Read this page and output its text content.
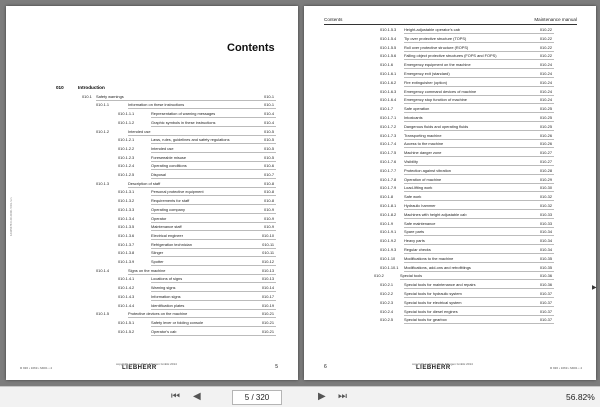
Contents
010	Introduction
010.1 Safety warnings	010-1
010.1.1	Information on these instructions	010-1
010.1.1.1	Representation of warning messages	010-4
010.1.1.2	Graphic symbols in these instructions	010-4
010.1.2	Intended use	010-5
010.1.2.1	Laws, rules, guidelines and safety regulations	010-5
010.1.2.2	Intended use	010-5
010.1.2.3	Foreseeable misuse	010-5
010.1.2.4	Operating conditions	010-6
010.1.2.5	Disposal	010-7
010.1.3	Description of staff	010-8
010.1.3.1	Personal protective equipment	010-8
010.1.3.2	Requirements for staff	010-8
010.1.3.3	Operating company	010-9
010.1.3.4	Operator	010-9
010.1.3.5	Maintenance staff	010-9
010.1.3.6	Electrical engineer	010-10
010.1.3.7	Refrigeration technician	010-11
010.1.3.8	Slinger	010-11
010.1.3.9	Spotter	010-12
010.1.4	Signs on the machine	010-13
010.1.4.1	Locations of signs	010-13
010.1.4.2	Warning signs	010-14
010.1.4.3	Information signs	010-17
010.1.4.4	Identification plates	010-19
010.1.5	Protective devices on the machine	010-21
010.1.5.1	Safety lever or folding console	010-21
010.1.5.2	Operator's cab	010-21
12345678 0-00-0000 / 001 / en
copyright Liebherr-Werk Ehingen GmbH 2014
R 936 • 1669 • M001 • 4	LIEBHERR	5
Contents	Maintenance manual
010.1.5.3 Height-adjustable operator's cab	010-22
010.1.5.4 Tip over protective structure (TOPS)	010-22
010.1.5.5 Roll over protective structure (ROPS)	010-22
010.1.5.6 Falling object protective structures (FOPS and FOPS)	010-22
010.1.6	Emergency equipment on the machine	010-24
010.1.6.1 Emergency exit (standard)	010-24
010.1.6.2 Fire extinguisher (option)	010-24
010.1.6.3 Emergency command devices of machine	010-24
010.1.6.4 Emergency stop function of machine	010-24
010.1.7	Safe operation	010-25
010.1.7.1 Intoxicants	010-25
010.1.7.2 Dangerous fluids and operating fluids	010-25
010.1.7.3 Transporting machine	010-26
010.1.7.4 Access to the machine	010-26
010.1.7.5 Machine danger zone	010-27
010.1.7.6 Visibility	010-27
010.1.7.7 Protection against vibration	010-28
010.1.7.8 Operation of machine	010-29
010.1.7.9 Load-lifting work	010-30
010.1.8	Safe work	010-32
010.1.8.1 Hydraulic hammer	010-32
010.1.8.2 Machines with height adjustable cab	010-33
010.1.9	Safe maintenance	010-33
010.1.9.1 Spare parts	010-34
010.1.9.2 Heavy parts	010-34
010.1.9.3 Regular checks	010-34
010.1.10 Modifications to the machine	010-35
010.1.10.1 Modifications, add-ons and retrofittings	010-35
010.2	Special tools	010-36
010.2.1	Special tools for maintenance and repairs	010-36
010.2.2	Special tools for hydraulic system	010-37
010.2.3	Special tools for electrical system	010-37
010.2.4	Special tools for diesel engines	010-37
010.2.5	Special tools for gearbox	010-37
6	copyright Liebherr-Werk Ehingen GmbH 2014
LIEBHERR	R 936 • 1669 • M001 • 4
▶
⏮ ◀	5 / 320	▶ ⏭	56.82%
